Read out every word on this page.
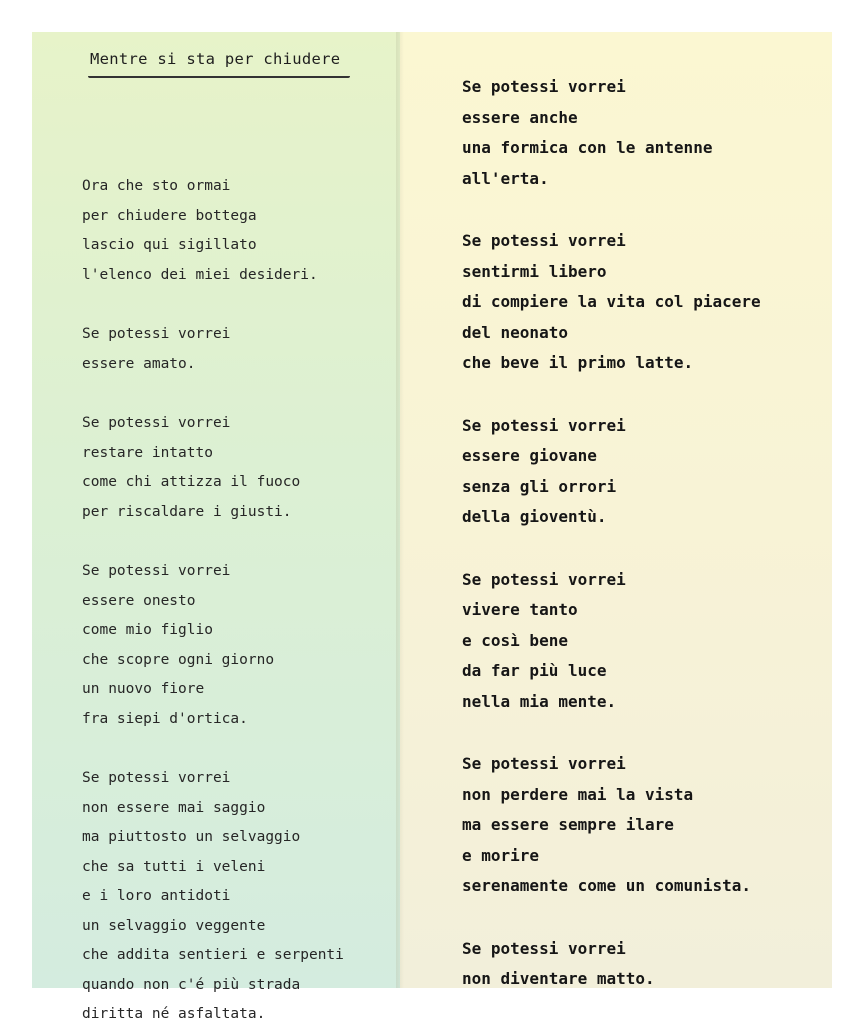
Mentre si sta per chiudere
Ora che sto ormai
per chiudere bottega
lascio qui sigillato
l'elenco dei miei desideri.
Se potessi vorrei
essere amato.
Se potessi vorrei
restare intatto
come chi attizza il fuoco
per riscaldare i giusti.
Se potessi vorrei
essere onesto
come mio figlio
che scopre ogni giorno
un nuovo fiore
fra siepi d'ortica.
Se potessi vorrei
non essere mai saggio
ma piuttosto un selvaggio
che sa tutti i veleni
e i loro antidoti
un selvaggio veggente
che addita sentieri e serpenti
quando non c'é più strada
diritta né asfaltata.
Se potessi vorrei
essere anche
una formica con le antenne
all'erta.
Se potessi vorrei
sentirmi libero
di compiere la vita col piacere
del neonato
che beve il primo latte.
Se potessi vorrei
essere giovane
senza gli orrori
della gioventù.
Se potessi vorrei
vivere tanto
e così bene
da far più luce
nella mia mente.
Se potessi vorrei
non perdere mai la vista
ma essere sempre ilare
e morire
serenamente come un comunista.
Se potessi vorrei
non diventare matto.
